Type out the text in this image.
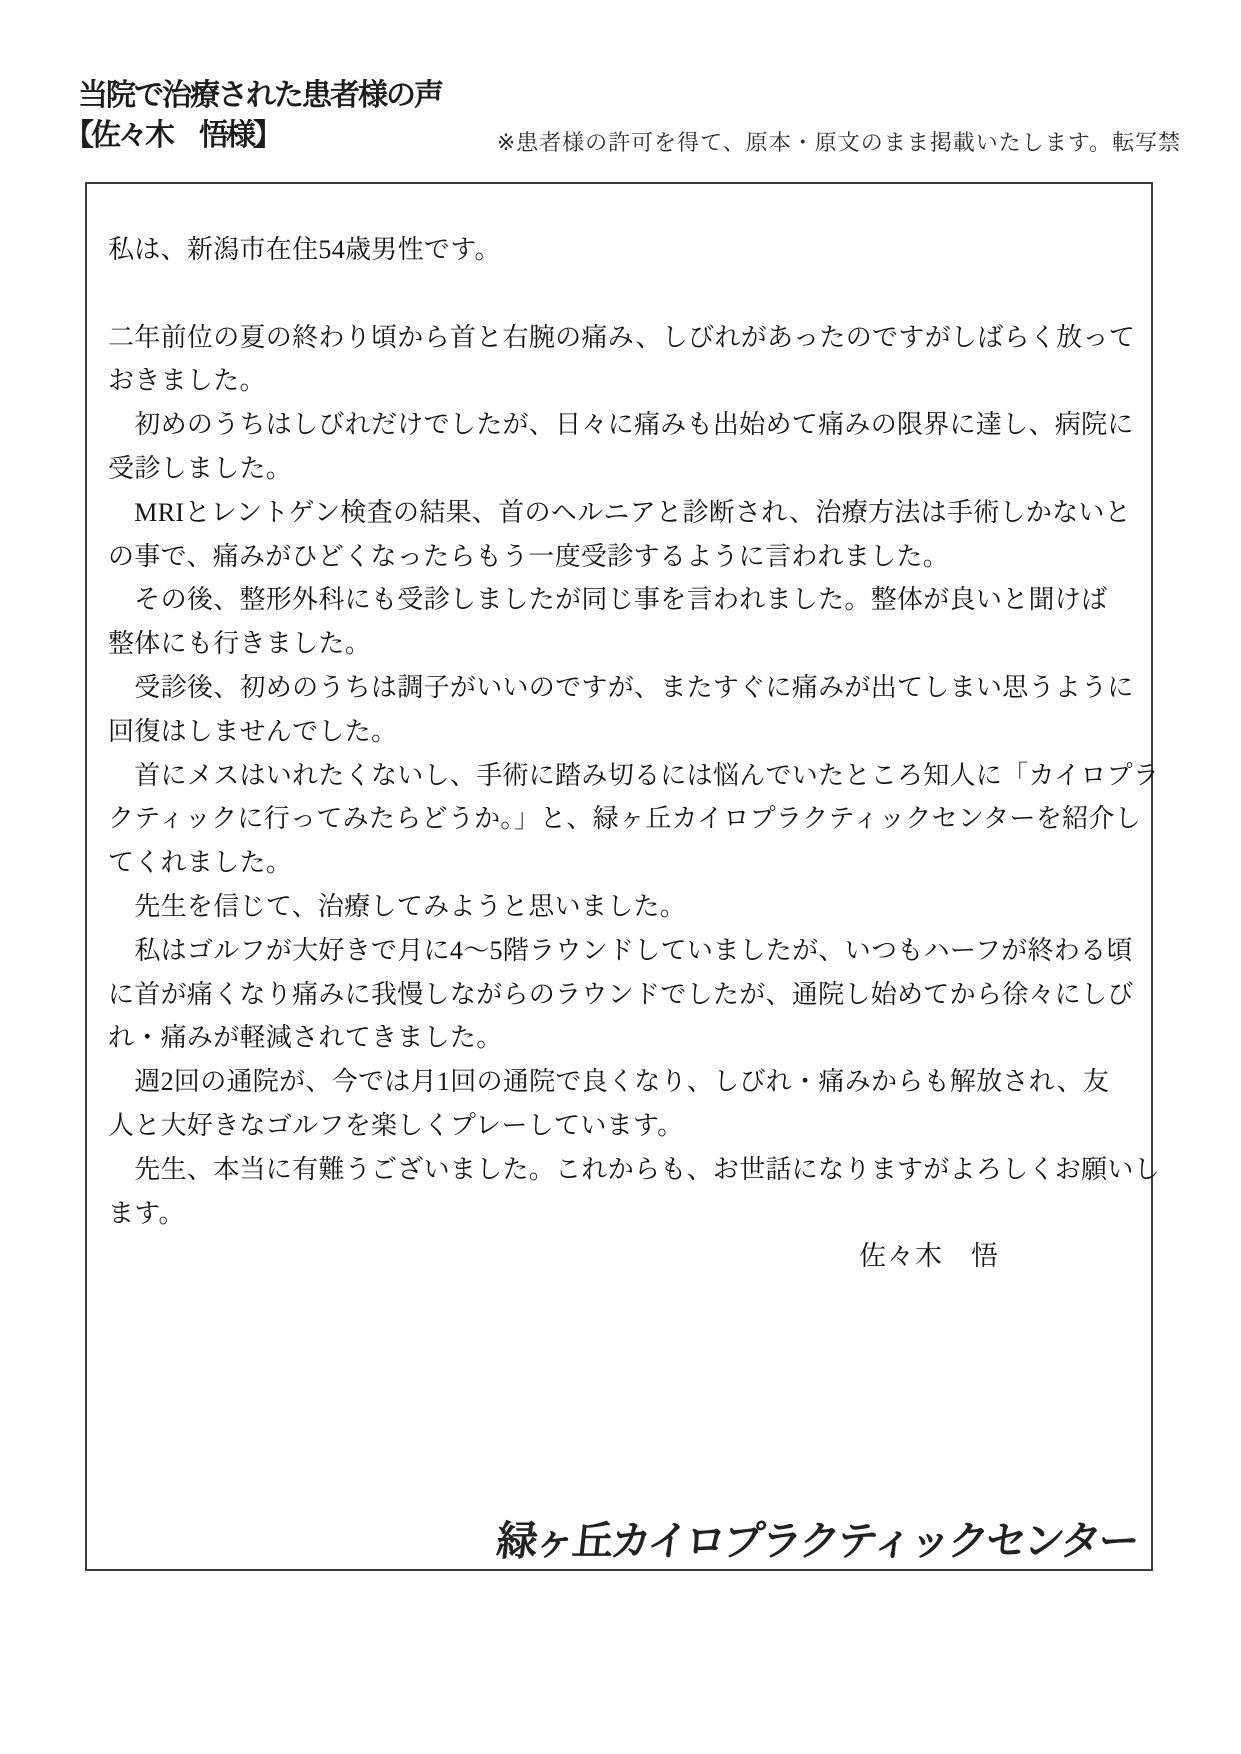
当院で治療された患者様の声
【佐々木　悟様】	※患者様の許可を得て、原本・原文のまま掲載いたします。転写禁
私は、新潟市在住54歳男性です。
二年前位の夏の終わり頃から首と右腕の痛み、しびれがあったのですがしばらく放って
おきました。
　初めのうちはしびれだけでしたが、日々に痛みも出始めて痛みの限界に達し、病院に
受診しました。
　MRIとレントゲン検査の結果、首のヘルニアと診断され、治療方法は手術しかないと
の事で、痛みがひどくなったらもう一度受診するように言われました。
　その後、整形外科にも受診しましたが同じ事を言われました。整体が良いと聞けば
整体にも行きました。
　受診後、初めのうちは調子がいいのですが、またすぐに痛みが出てしまい思うように
回復はしませんでした。
　首にメスはいれたくないし、手術に踏み切るには悩んでいたところ知人に「カイロプラ
クティックに行ってみたらどうか。」と、緑ヶ丘カイロプラクティックセンターを紹介し
てくれました。
　先生を信じて、治療してみようと思いました。
　私はゴルフが大好きで月に4～5階ラウンドしていましたが、いつもハーフが終わる頃
に首が痛くなり痛みに我慢しながらのラウンドでしたが、通院し始めてから徐々にしび
れ・痛みが軽減されてきました。
　週2回の通院が、今では月1回の通院で良くなり、しびれ・痛みからも解放され、友
人と大好きなゴルフを楽しくプレーしています。
　先生、本当に有難うございました。これからも、お世話になりますがよろしくお願いし
ます。
佐々木　悟
緑ヶ丘カイロプラクティックセンター
